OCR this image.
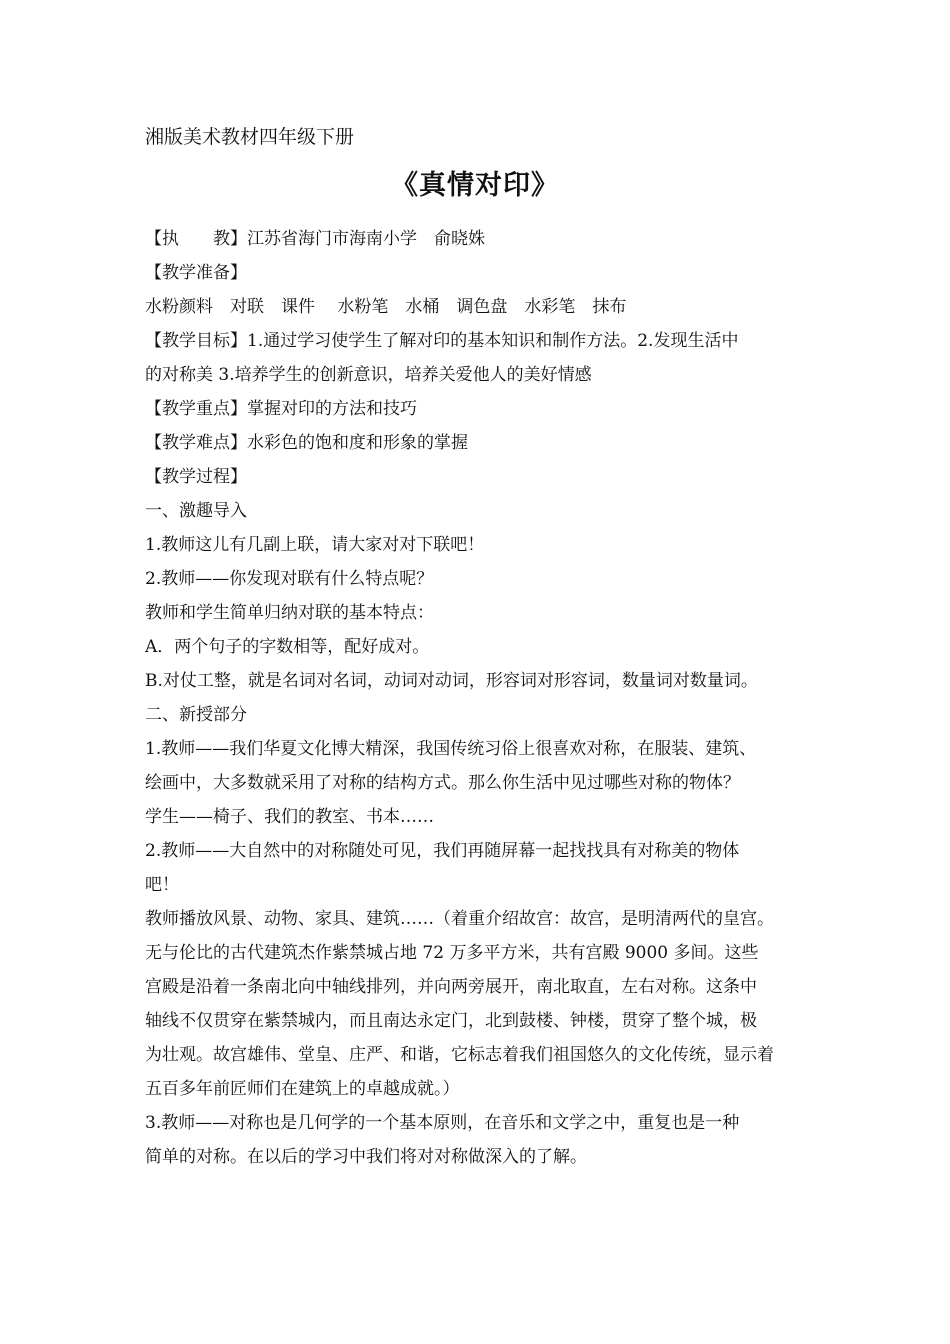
湘版美术教材四年级下册
《真情对印》
【执　　教】江苏省海门市海南小学　俞晓姝
【教学准备】
水粉颜料　对联　课件　 水粉笔　水桶　调色盘　水彩笔　抹布
【教学目标】1.通过学习使学生了解对印的基本知识和制作方法。2.发现生活中
的对称美 3.培养学生的创新意识，培养关爱他人的美好情感
【教学重点】掌握对印的方法和技巧
【教学难点】水彩色的饱和度和形象的掌握
【教学过程】
一、激趣导入
1.教师这儿有几副上联，请大家对对下联吧！
2.教师——你发现对联有什么特点呢？
教师和学生简单归纳对联的基本特点：
A．两个句子的字数相等，配好成对。
B.对仗工整，就是名词对名词，动词对动词，形容词对形容词，数量词对数量词。
二、新授部分
1.教师——我们华夏文化博大精深，我国传统习俗上很喜欢对称，在服装、建筑、
绘画中，大多数就采用了对称的结构方式。那么你生活中见过哪些对称的物体？
学生——椅子、我们的教室、书本……
2.教师——大自然中的对称随处可见，我们再随屏幕一起找找具有对称美的物体
吧！
教师播放风景、动物、家具、建筑……（着重介绍故宫：故宫，是明清两代的皇宫。
无与伦比的古代建筑杰作紫禁城占地 72 万多平方米，共有宫殿 9000 多间。这些
宫殿是沿着一条南北向中轴线排列，并向两旁展开，南北取直，左右对称。这条中
轴线不仅贯穿在紫禁城内，而且南达永定门，北到鼓楼、钟楼，贯穿了整个城，极
为壮观。故宫雄伟、堂皇、庄严、和谐，它标志着我们祖国悠久的文化传统，显示着
五百多年前匠师们在建筑上的卓越成就。）
3.教师——对称也是几何学的一个基本原则，在音乐和文学之中，重复也是一种
简单的对称。在以后的学习中我们将对对称做深入的了解。
